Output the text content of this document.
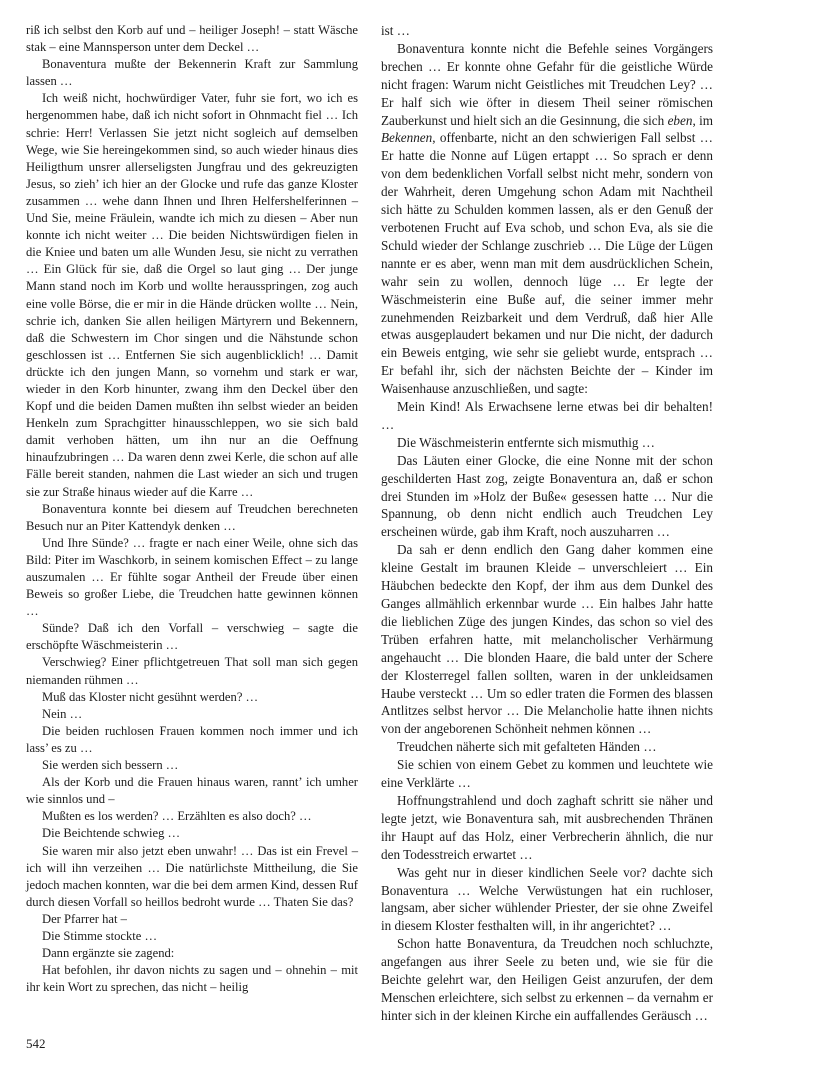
riß ich selbst den Korb auf und – heiliger Joseph! – statt Wäsche stak – eine Mannsperson unter dem Deckel …

Bonaventura mußte der Bekennerin Kraft zur Sammlung lassen …

Ich weiß nicht, hochwürdiger Vater, fuhr sie fort, wo ich es hergenommen habe, daß ich nicht sofort in Ohnmacht fiel … Ich schrie: Herr! Verlassen Sie jetzt nicht sogleich auf demselben Wege, wie Sie hereingekommen sind, so auch wieder hinaus dies Heiligthum unsrer allerseligsten Jungfrau und des gekreuzigten Jesus, so zieh’ ich hier an der Glocke und rufe das ganze Kloster zusammen … wehe dann Ihnen und Ihren Helfershelferinnen – Und Sie, meine Fräulein, wandte ich mich zu diesen – Aber nun konnte ich nicht weiter … Die beiden Nichtswürdigen fielen in die Kniee und baten um alle Wunden Jesu, sie nicht zu verrathen … Ein Glück für sie, daß die Orgel so laut ging … Der junge Mann stand noch im Korb und wollte herausspringen, zog auch eine volle Börse, die er mir in die Hände drücken wollte … Nein, schrie ich, danken Sie allen heiligen Märtyrern und Bekennern, daß die Schwestern im Chor singen und die Nähstunde schon geschlossen ist … Entfernen Sie sich augenblicklich! … Damit drückte ich den jungen Mann, so vornehm und stark er war, wieder in den Korb hinunter, zwang ihm den Deckel über den Kopf und die beiden Damen mußten ihn selbst wieder an beiden Henkeln zum Sprachgitter hinausschleppen, wo sie sich bald damit verhoben hätten, um ihn nur an die Oeffnung hinaufzubringen … Da waren denn zwei Kerle, die schon auf alle Fälle bereit standen, nahmen die Last wieder an sich und trugen sie zur Straße hinaus wieder auf die Karre …

Bonaventura konnte bei diesem auf Treudchen berechneten Besuch nur an Piter Kattendyk denken …

Und Ihre Sünde? … fragte er nach einer Weile, ohne sich das Bild: Piter im Waschkorb, in seinem komischen Effect – zu lange auszumalen … Er fühlte sogar Antheil der Freude über einen Beweis so großer Liebe, die Treudchen hatte gewinnen können …

Sünde? Daß ich den Vorfall – verschwieg – sagte die erschöpfte Wäschmeisterin …

Verschwieg? Einer pflichtgetreuen That soll man sich gegen niemanden rühmen …

Muß das Kloster nicht gesühnt werden? …

Nein …

Die beiden ruchlosen Frauen kommen noch immer und ich lass’ es zu …

Sie werden sich bessern …

Als der Korb und die Frauen hinaus waren, rannt’ ich umher wie sinnlos und –

Mußten es los werden? … Erzählten es also doch? …

Die Beichtende schwieg …

Sie waren mir also jetzt eben unwahr! … Das ist ein Frevel – ich will ihn verzeihen … Die natürlichste Mittheilung, die Sie jedoch machen konnten, war die bei dem armen Kind, dessen Ruf durch diesen Vorfall so heillos bedroht wurde … Thaten Sie das?

Der Pfarrer hat –

Die Stimme stockte …

Dann ergänzte sie zagend:

Hat befohlen, ihr davon nichts zu sagen und – ohnehin – mit ihr kein Wort zu sprechen, das nicht – heilig

ist …

Bonaventura konnte nicht die Befehle seines Vorgängers brechen … Er konnte ohne Gefahr für die geistliche Würde nicht fragen: Warum nicht Geistliches mit Treudchen Ley? … Er half sich wie öfter in diesem Theil seiner römischen Zauberkunst und hielt sich an die Gesinnung, die sich eben, im Bekennen, offenbarte, nicht an den schwierigen Fall selbst … Er hatte die Nonne auf Lügen ertappt … So sprach er denn von dem bedenklichen Vorfall selbst nicht mehr, sondern von der Wahrheit, deren Umgehung schon Adam mit Nachtheil sich hätte zu Schulden kommen lassen, als er den Genuß der verbotenen Frucht auf Eva schob, und schon Eva, als sie die Schuld wieder der Schlange zuschrieb … Die Lüge der Lügen nannte er es aber, wenn man mit dem ausdrücklichen Schein, wahr sein zu wollen, dennoch lüge … Er legte der Wäschmeisterin eine Buße auf, die seiner immer mehr zunehmenden Reizbarkeit und dem Verdruß, daß hier Alle etwas ausgeplaudert bekamen und nur Die nicht, der dadurch ein Beweis entging, wie sehr sie geliebt wurde, entsprach … Er befahl ihr, sich der nächsten Beichte der – Kinder im Waisenhause anzuschließen, und sagte:

Mein Kind! Als Erwachsene lerne etwas bei dir behalten! …

Die Wäschmeisterin entfernte sich mismuthig …

Das Läuten einer Glocke, die eine Nonne mit der schon geschilderten Hast zog, zeigte Bonaventura an, daß er schon drei Stunden im »Holz der Buße« gesessen hatte … Nur die Spannung, ob denn nicht endlich auch Treudchen Ley erscheinen würde, gab ihm Kraft, noch auszuharren …

Da sah er denn endlich den Gang daher kommen eine kleine Gestalt im braunen Kleide – unverschleiert … Ein Häubchen bedeckte den Kopf, der ihm aus dem Dunkel des Ganges allmählich erkennbar wurde … Ein halbes Jahr hatte die lieblichen Züge des jungen Kindes, das schon so viel des Trüben erfahren hatte, mit melancholischer Verhärmung angehaucht … Die blonden Haare, die bald unter der Schere der Klosterregel fallen sollten, waren in der unkleidsamen Haube versteckt … Um so edler traten die Formen des blassen Antlitzes selbst hervor … Die Melancholie hatte ihnen nichts von der angeborenen Schönheit nehmen können …

Treudchen näherte sich mit gefalteten Händen …

Sie schien von einem Gebet zu kommen und leuchtete wie eine Verklärte …

Hoffnungstrahlend und doch zaghaft schritt sie näher und legte jetzt, wie Bonaventura sah, mit ausbrechenden Thränen ihr Haupt auf das Holz, einer Verbrecherin ähnlich, die nur den Todesstreich erwartet …

Was geht nur in dieser kindlichen Seele vor? dachte sich Bonaventura … Welche Verwüstungen hat ein ruchloser, langsam, aber sicher wühlender Priester, der sie ohne Zweifel in diesem Kloster festhalten will, in ihr angerichtet? …

Schon hatte Bonaventura, da Treudchen noch schluchzte, angefangen aus ihrer Seele zu beten und, wie sie für die Beichte gelehrt war, den Heiligen Geist anzurufen, der dem Menschen erleichtere, sich selbst zu erkennen – da vernahm er hinter sich in der kleinen Kirche ein auffallendes Geräusch …

542
